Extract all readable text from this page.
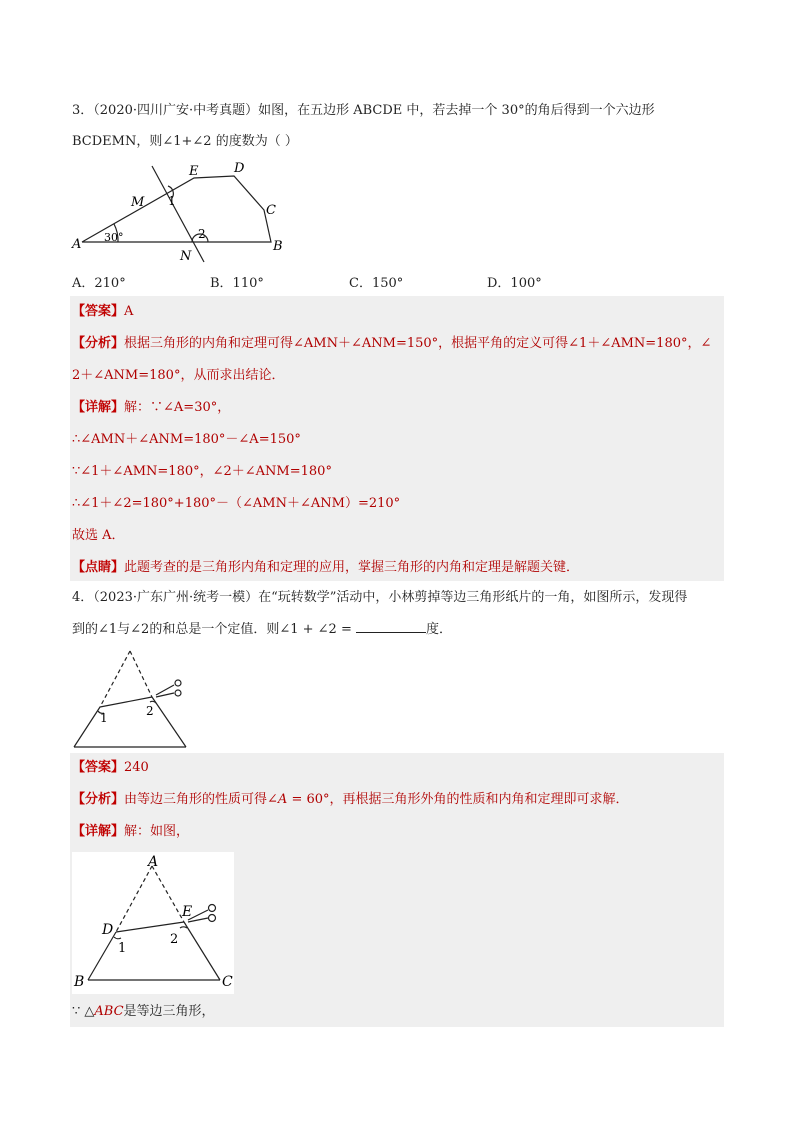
3．（2020·四川广安·中考真题）如图，在五边形 ABCDE 中，若去掉一个 30°的角后得到一个六边形
BCDEMN，则∠1+∠2 的度数为（ ）
A	B
C
D
E
M
N
1
2
30°
A．210°	B．110°	C．150°	D．100°
【答案】A
【分析】根据三角形的内角和定理可得∠AMN＋∠ANM=150°，根据平角的定义可得∠1＋∠AMN=180°，∠
2＋∠ANM=180°，从而求出结论．
【详解】解：∵∠A=30°，
∴∠AMN＋∠ANM=180°－∠A=150°
∵∠1＋∠AMN=180°，∠2＋∠ANM=180°
∴∠1＋∠2=180°+180°－（∠AMN＋∠ANM）=210°
故选 A．
【点睛】此题考查的是三角形内角和定理的应用，掌握三角形的内角和定理是解题关键．
4．（2023·广东广州·统考一模）在“玩转数学”活动中，小林剪掉等边三角形纸片的一角，如图所示，发现得
到的∠1与∠2的和总是一个定值．则∠1 + ∠2 =	度．
1	2
【答案】240
【分析】由等边三角形的性质可得∠A = 60°，再根据三角形外角的性质和内角和定理即可求解．
【详解】解：如图，
A
B	C
D
E
1
2
∵ △ABC是等边三角形，
